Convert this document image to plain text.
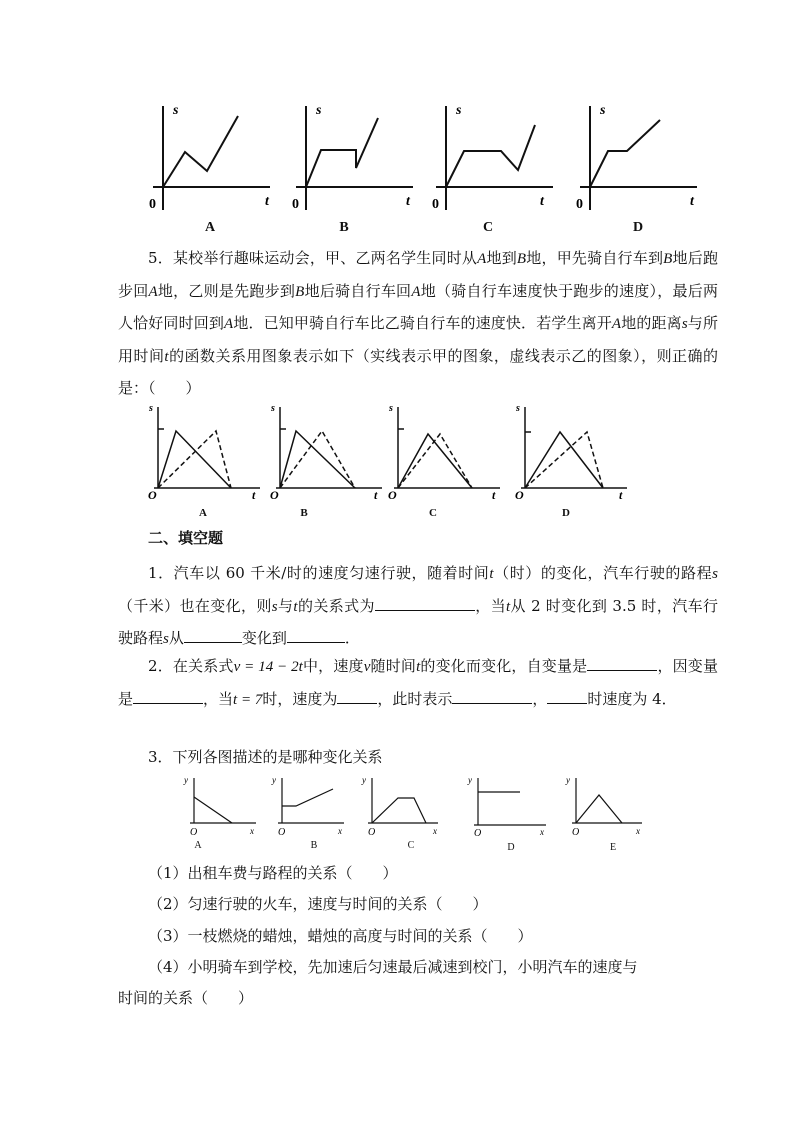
s
t
0
A
s
t
0
B
s
t
0
C
s
t
0
D

5．某校举行趣味运动会，甲、乙两名学生同时从A地到B地，甲先骑自行车到B地后跑步回A地，乙则是先跑步到B地后骑自行车回A地（骑自行车速度快于跑步的速度），最后两人恰好同时回到A地．已知甲骑自行车比乙骑自行车的速度快．若学生离开A地的距离s与所用时间t的函数关系用图象表示如下（实线表示甲的图象，虚线表示乙的图象），则正确的是：（　　）

s
t
O
A
s
t
O
B
s
t
O
C
s
t
O
D
二、填空题

1．汽车以 60 千米/时的速度匀速行驶，随着时间t（时）的变化，汽车行驶的路程s（千米）也在变化，则s与t的关系式为	，当t从 2 时变化到 3.5 时，汽车行驶路程s从	变化到	．

2．在关系式v = 14 − 2t中，速度v随时间t的变化而变化，自变量是	，因变量是	，当t = 7时，速度为	，此时表示	，	时速度为 4．

3．下列各图描述的是哪种变化关系
y
x
O
A
y
x
O
B
y
x
O
C
y
x
O
D
y
x
O
E
（1）出租车费与路程的关系（　　）
（2）匀速行驶的火车，速度与时间的关系（　　）
（3）一枝燃烧的蜡烛，蜡烛的高度与时间的关系（　　）
（4）小明骑车到学校，先加速后匀速最后减速到校门，小明汽车的速度与
时间的关系（　　）
